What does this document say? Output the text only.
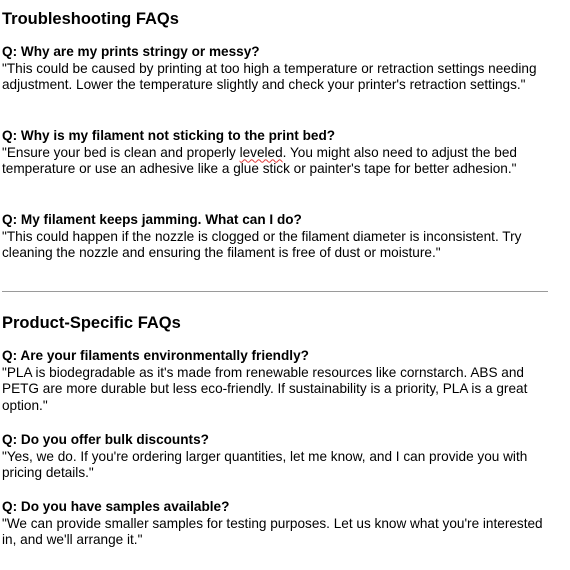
Troubleshooting FAQs

Q: Why are my prints stringy or messy?

"This could be caused by printing at too high a temperature or retraction settings needing adjustment. Lower the temperature slightly and check your printer's retraction settings."

Q: Why is my filament not sticking to the print bed?

"Ensure your bed is clean and properly leveled. You might also need to adjust the bed temperature or use an adhesive like a glue stick or painter's tape for better adhesion."

Q: My filament keeps jamming. What can I do?

"This could happen if the nozzle is clogged or the filament diameter is inconsistent. Try cleaning the nozzle and ensuring the filament is free of dust or moisture."

Product-Specific FAQs

Q: Are your filaments environmentally friendly?

"PLA is biodegradable as it's made from renewable resources like cornstarch. ABS and PETG are more durable but less eco-friendly. If sustainability is a priority, PLA is a great option."

Q: Do you offer bulk discounts?

"Yes, we do. If you're ordering larger quantities, let me know, and I can provide you with pricing details."

Q: Do you have samples available?

"We can provide smaller samples for testing purposes. Let us know what you're interested in, and we'll arrange it."
